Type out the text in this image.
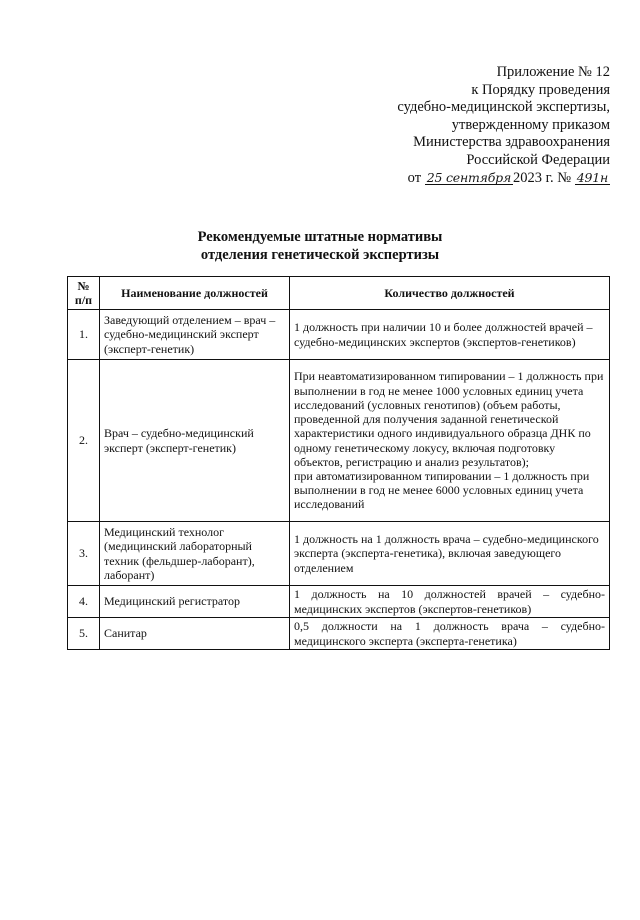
Приложение № 12
к Порядку проведения
судебно-медицинской экспертизы,
утвержденному приказом
Министерства здравоохранения
Российской Федерации
от 25 сентября 2023 г. № 491н
Рекомендуемые штатные нормативы
отделения генетической экспертизы
№ п/п	Наименование должностей	Количество должностей
1.	Заведующий отделением – врач – судебно-медицинский эксперт (эксперт-генетик)	1 должность при наличии 10 и более должностей врачей – судебно-медицинских экспертов (экспертов-генетиков)
2.	Врач – судебно-медицинский эксперт (эксперт-генетик)	При неавтоматизированном типировании – 1 должность при выполнении в год не менее 1000 условных единиц учета исследований (условных генотипов) (объем работы, проведенной для получения заданной генетической характеристики одного индивидуального образца ДНК по одному генетическому локусу, включая подготовку объектов, регистрацию и анализ результатов);
при автоматизированном типировании – 1 должность при выполнении в год не менее 6000 условных единиц учета исследований

3.	Медицинский технолог (медицинский лабораторный техник (фельдшер-лаборант), лаборант)	1 должность на 1 должность врача – судебно-медицинского эксперта (эксперта-генетика), включая заведующего отделением
4.	Медицинский регистратор	1 должность на 10 должностей врачей – судебно-медицинских экспертов (экспертов-генетиков)
5.	Санитар	0,5 должности на 1 должность врача – судебно-медицинского эксперта (эксперта-генетика)
